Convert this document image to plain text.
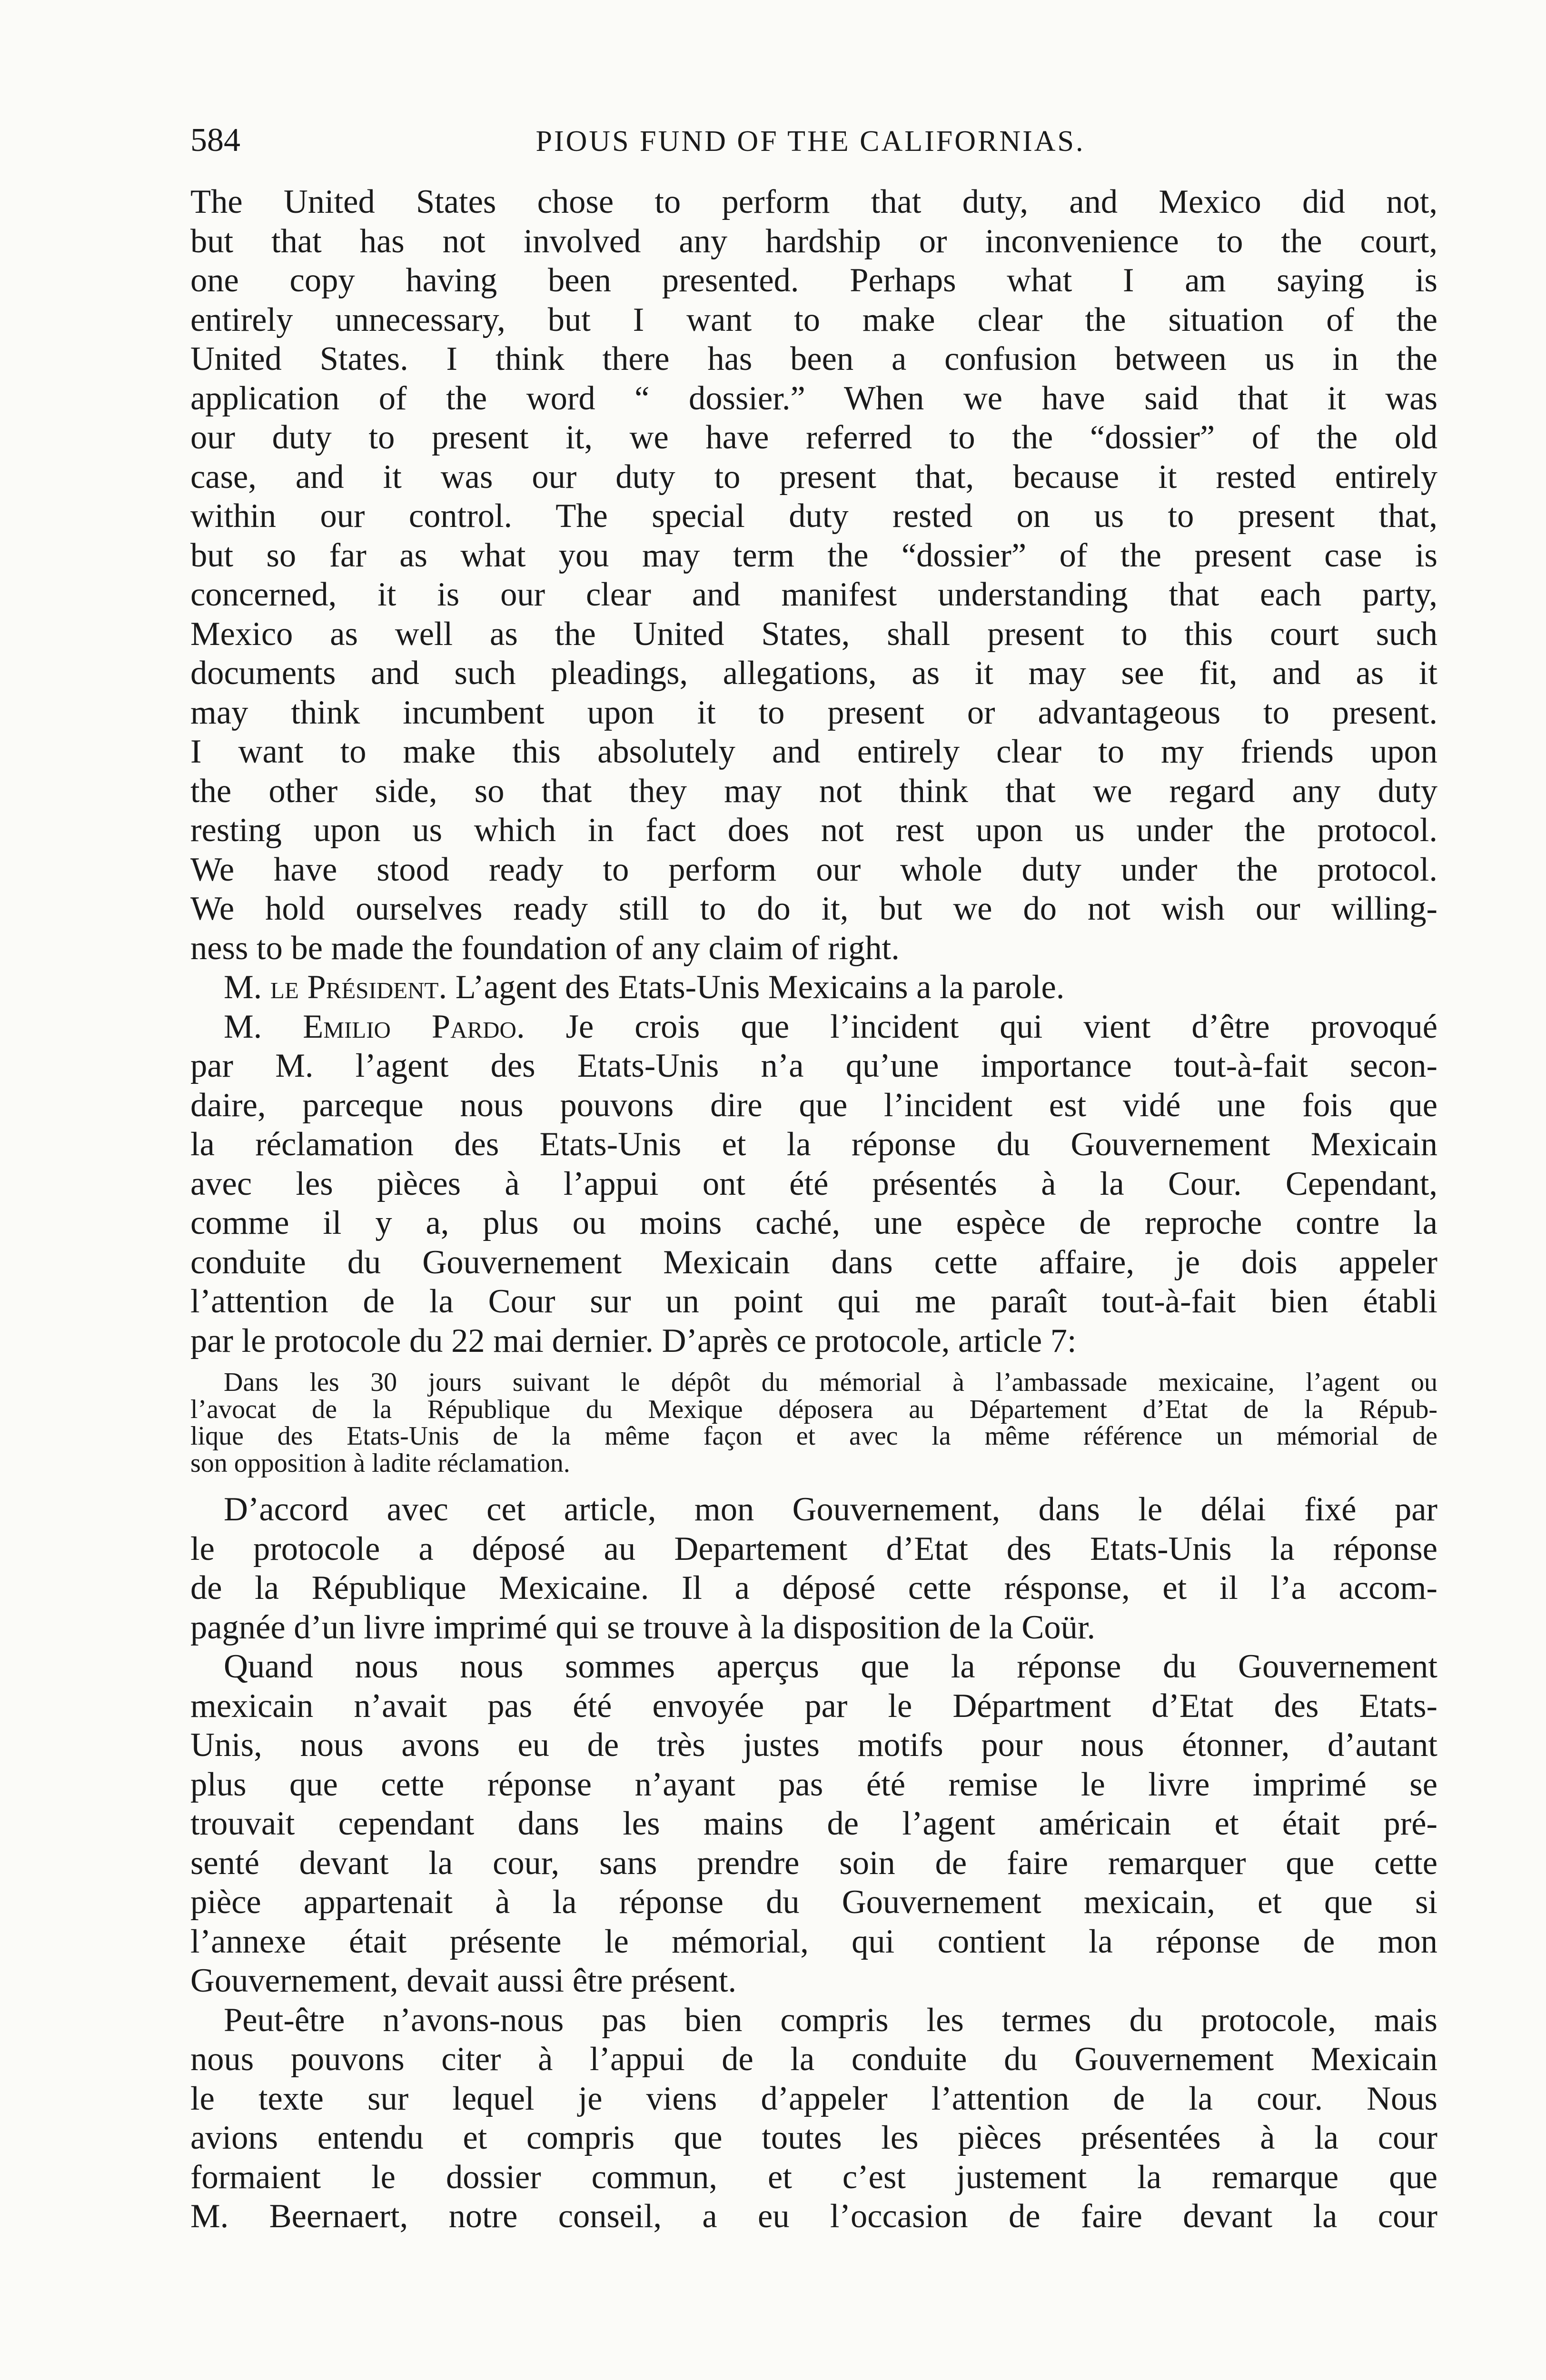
584	PIOUS FUND OF THE CALIFORNIAS.
The United States chose to perform that duty, and Mexico did not,
but that has not involved any hardship or inconvenience to the court,
one copy having been presented. Perhaps what I am saying is
entirely unnecessary, but I want to make clear the situation of the
United States. I think there has been a confusion between us in the
application of the word “ dossier.” When we have said that it was
our duty to present it, we have referred to the “dossier” of the old
case, and it was our duty to present that, because it rested entirely
within our control. The special duty rested on us to present that,
but so far as what you may term the “dossier” of the present case is
concerned, it is our clear and manifest understanding that each party,
Mexico as well as the United States, shall present to this court such
documents and such pleadings, allegations, as it may see fit, and as it
may think incumbent upon it to present or advantageous to present.
I want to make this absolutely and entirely clear to my friends upon
the other side, so that they may not think that we regard any duty
resting upon us which in fact does not rest upon us under the protocol.
We have stood ready to perform our whole duty under the protocol.
We hold ourselves ready still to do it, but we do not wish our willing-
ness to be made the foundation of any claim of right.
M. le Président. L’agent des Etats-Unis Mexicains a la parole.
M. Emilio Pardo. Je crois que l’incident qui vient d’être provoqué
par M. l’agent des Etats-Unis n’a qu’une importance tout-à-fait secon-
daire, parceque nous pouvons dire que l’incident est vidé une fois que
la réclamation des Etats-Unis et la réponse du Gouvernement Mexicain
avec les pièces à l’appui ont été présentés à la Cour. Cependant,
comme il y a, plus ou moins caché, une espèce de reproche contre la
conduite du Gouvernement Mexicain dans cette affaire, je dois appeler
l’attention de la Cour sur un point qui me paraît tout-à-fait bien établi
par le protocole du 22 mai dernier. D’après ce protocole, article 7:
Dans les 30 jours suivant le dépôt du mémorial à l’ambassade mexicaine, l’agent ou
l’avocat de la République du Mexique déposera au Département d’Etat de la Répub-
lique des Etats-Unis de la même façon et avec la même référence un mémorial de
son opposition à ladite réclamation.
D’accord avec cet article, mon Gouvernement, dans le délai fixé par
le protocole a déposé au Departement d’Etat des Etats-Unis la réponse
de la République Mexicaine. Il a déposé cette résponse, et il l’a accom-
pagnée d’un livre imprimé qui se trouve à la disposition de la Coür.
Quand nous nous sommes aperçus que la réponse du Gouvernement
mexicain n’avait pas été envoyée par le Départment d’Etat des Etats-
Unis, nous avons eu de très justes motifs pour nous étonner, d’autant
plus que cette réponse n’ayant pas été remise le livre imprimé se
trouvait cependant dans les mains de l’agent américain et était pré-
senté devant la cour, sans prendre soin de faire remarquer que cette
pièce appartenait à la réponse du Gouvernement mexicain, et que si
l’annexe était présente le mémorial, qui contient la réponse de mon
Gouvernement, devait aussi être présent.
Peut-être n’avons-nous pas bien compris les termes du protocole, mais
nous pouvons citer à l’appui de la conduite du Gouvernement Mexicain
le texte sur lequel je viens d’appeler l’attention de la cour. Nous
avions entendu et compris que toutes les pièces présentées à la cour
formaient le dossier commun, et c’est justement la remarque que
M. Beernaert, notre conseil, a eu l’occasion de faire devant la cour
